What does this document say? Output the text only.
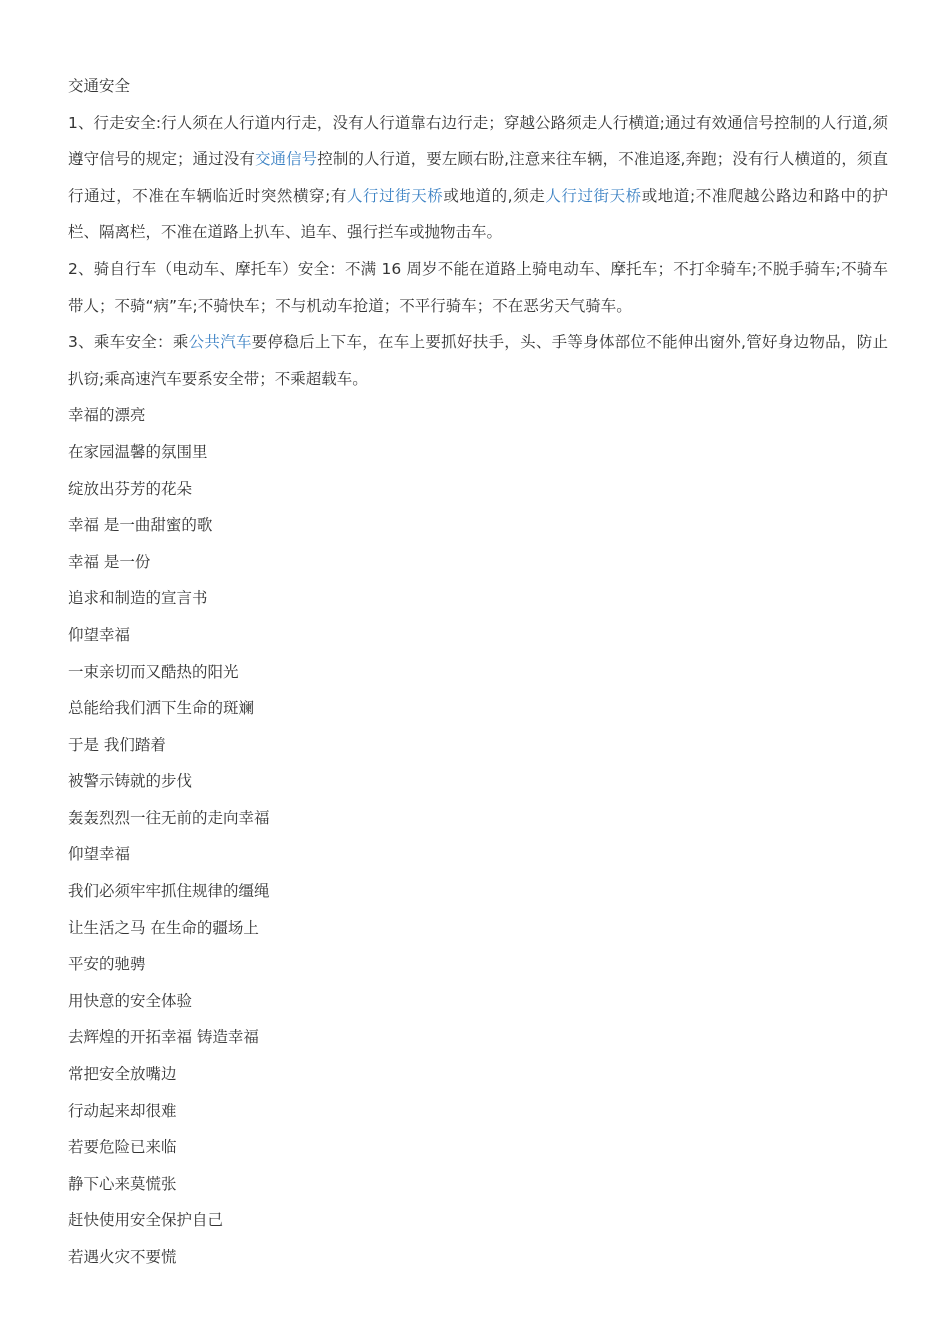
交通安全
1、行走安全:行人须在人行道内行走，没有人行道靠右边行走；穿越公路须走人行横道;通过有效通信号控制的人行道,须遵守信号的规定；通过没有交通信号控制的人行道，要左顾右盼,注意来往车辆，不准追逐,奔跑；没有行人横道的，须直行通过，不准在车辆临近时突然横穿;有人行过街天桥或地道的,须走人行过街天桥或地道;不准爬越公路边和路中的护栏、隔离栏，不准在道路上扒车、追车、强行拦车或抛物击车。
2、骑自行车（电动车、摩托车）安全：不满 16 周岁不能在道路上骑电动车、摩托车；不打伞骑车;不脱手骑车;不骑车带人；不骑“病”车;不骑快车；不与机动车抢道；不平行骑车；不在恶劣天气骑车。
3、乘车安全：乘公共汽车要停稳后上下车，在车上要抓好扶手，头、手等身体部位不能伸出窗外,管好身边物品，防止扒窃;乘高速汽车要系安全带；不乘超载车。
幸福的漂亮
在家园温馨的氛围里
绽放出芬芳的花朵
幸福 是一曲甜蜜的歌
幸福 是一份
追求和制造的宣言书
仰望幸福
一束亲切而又酷热的阳光
总能给我们洒下生命的斑斓
于是 我们踏着
被警示铸就的步伐
轰轰烈烈一往无前的走向幸福
仰望幸福
我们必须牢牢抓住规律的缰绳
让生活之马 在生命的疆场上
平安的驰骋
用快意的安全体验
去辉煌的开拓幸福 铸造幸福
常把安全放嘴边
行动起来却很难
若要危险已来临
静下心来莫慌张
赶快使用安全保护自己
若遇火灾不要慌
